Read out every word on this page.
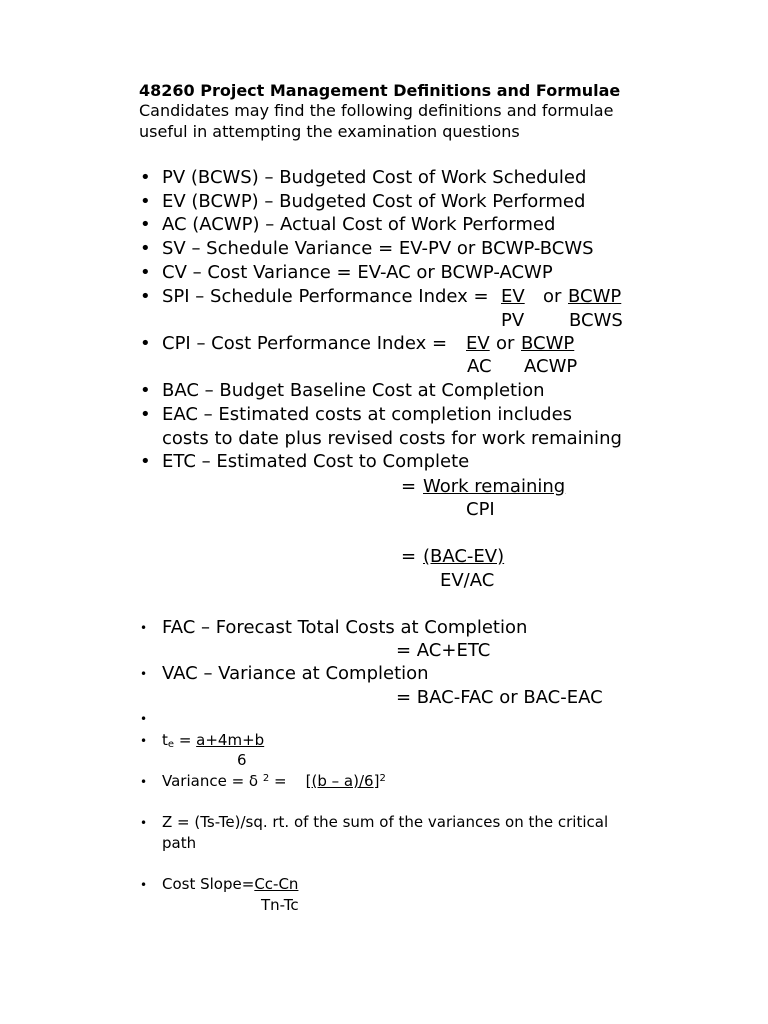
48260 Project Management Definitions and Formulae
Candidates may find the following definitions and formulae
useful in attempting the examination questions
• PV (BCWS) – Budgeted Cost of Work Scheduled
• EV (BCWP) – Budgeted Cost of Work Performed
• AC (ACWP) – Actual Cost of Work Performed
• SV – Schedule Variance = EV-PV or BCWP-BCWS
• CV – Cost Variance = EV-AC or BCWP-ACWP
• SPI – Schedule Performance Index = EV or BCWP
PV BCWS
• CPI – Cost Performance Index = EV or BCWP
AC ACWP
• BAC – Budget Baseline Cost at Completion
• EAC – Estimated costs at completion includes
costs to date plus revised costs for work remaining
• ETC – Estimated Cost to Complete
= Work remaining
CPI
= (BAC-EV)
EV/AC
• FAC – Forecast Total Costs at Completion
= AC+ETC
• VAC – Variance at Completion
= BAC-FAC or BAC-EAC
•
• $t_e = a+4m+b$
6
• Variance = δ $^2$ =    [(b – a)/6]$^2$
• Z = (Ts-Te)/sq. rt. of the sum of the variances on the critical
path
• Cost Slope=Cc-Cn
Tn-Tc
